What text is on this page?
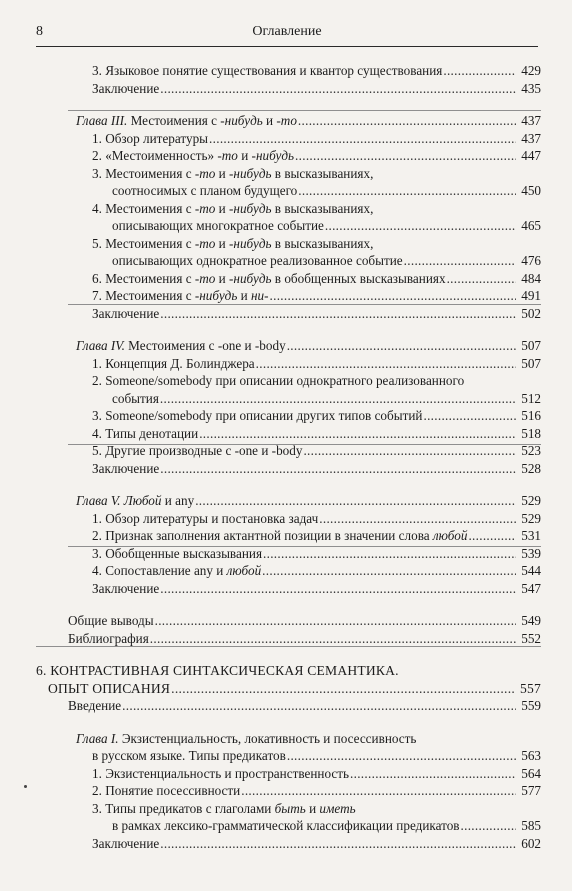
8	Оглавление
3. Языковое понятие существования и квантор существования .....	429
Заключение .....	435
Глава III. Местоимения с -нибудь и -то .....	437
1. Обзор литературы .....	437
2. «Местоименность» -то и -нибудь .....	447
3. Местоимения с -то и -нибудь в высказываниях,
соотносимых с планом будущего .....	450
4. Местоимения с -то и -нибудь в высказываниях,
описывающих многократное событие .....	465
5. Местоимения с -то и -нибудь в высказываниях,
описывающих однократное реализованное событие .....	476
6. Местоимения с -то и -нибудь в обобщенных высказываниях .....	484
7. Местоимения с -нибудь и ни- .....	491
Заключение .....	502
Глава IV. Местоимения с -one и -body .....	507
1. Концепция Д. Болинджера .....	507
2. Someone/somebody при описании однократного реализованного
события .....	512
3. Someone/somebody при описании других типов событий .....	516
4. Типы денотации .....	518
5. Другие производные с -one и -body .....	523
Заключение .....	528
Глава V. Любой и any .....	529
1. Обзор литературы и постановка задач .....	529
2. Признак заполнения актантной позиции в значении слова любой .....	531
3. Обобщенные высказывания .....	539
4. Сопоставление any и любой .....	544
Заключение .....	547
Общие выводы .....	549
Библиография .....	552
6. КОНТРАСТИВНАЯ СИНТАКСИЧЕСКАЯ СЕМАНТИКА.
ОПЫТ ОПИСАНИЯ .....	557
Введение .....	559
Глава I. Экзистенциальность, локативность и посессивность
в русском языке. Типы предикатов .....	563
1. Экзистенциальность и пространственность .....	564
2. Понятие посессивности .....	577
3. Типы предикатов с глаголами быть и иметь
в рамках лексико-грамматической классификации предикатов .....	585
Заключение .....	602
